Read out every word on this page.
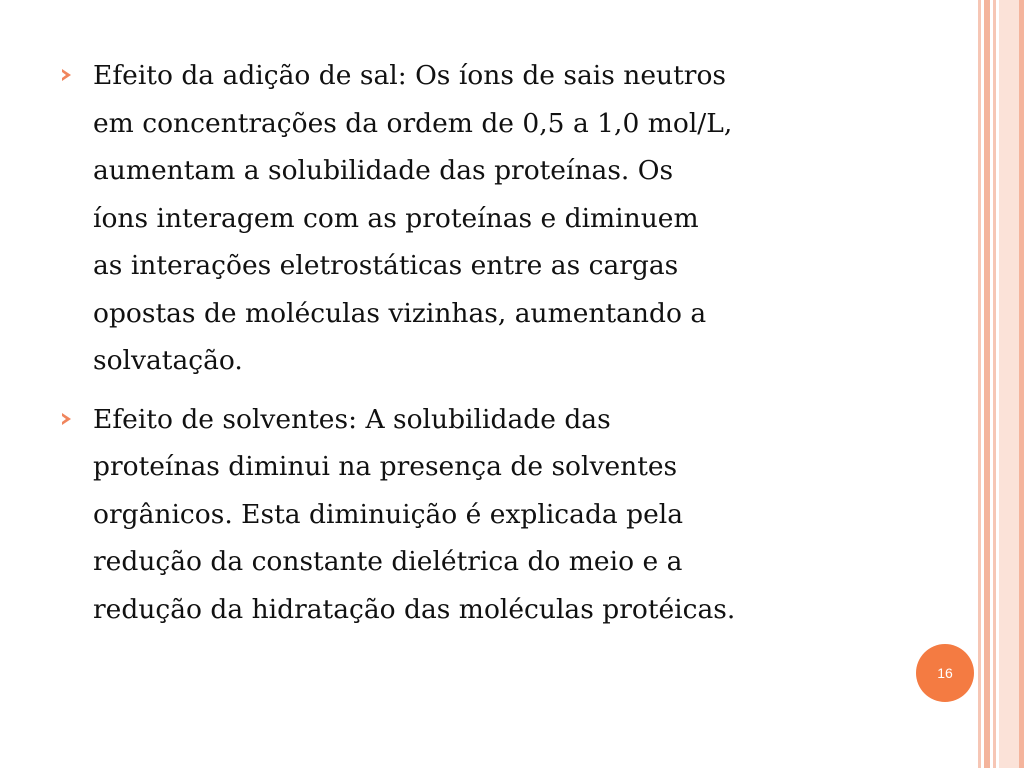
Efeito da adição de sal: Os íons de sais neutros
em concentrações da ordem de 0,5 a 1,0 mol/L,
aumentam a solubilidade das proteínas. Os
íons interagem com as proteínas e diminuem
as interações eletrostáticas entre as cargas
opostas de moléculas vizinhas, aumentando a
solvatação.
Efeito de solventes: A solubilidade das
proteínas diminui na presença de solventes
orgânicos. Esta diminuição é explicada pela
redução da constante dielétrica do meio e a
redução da hidratação das moléculas protéicas.
16
